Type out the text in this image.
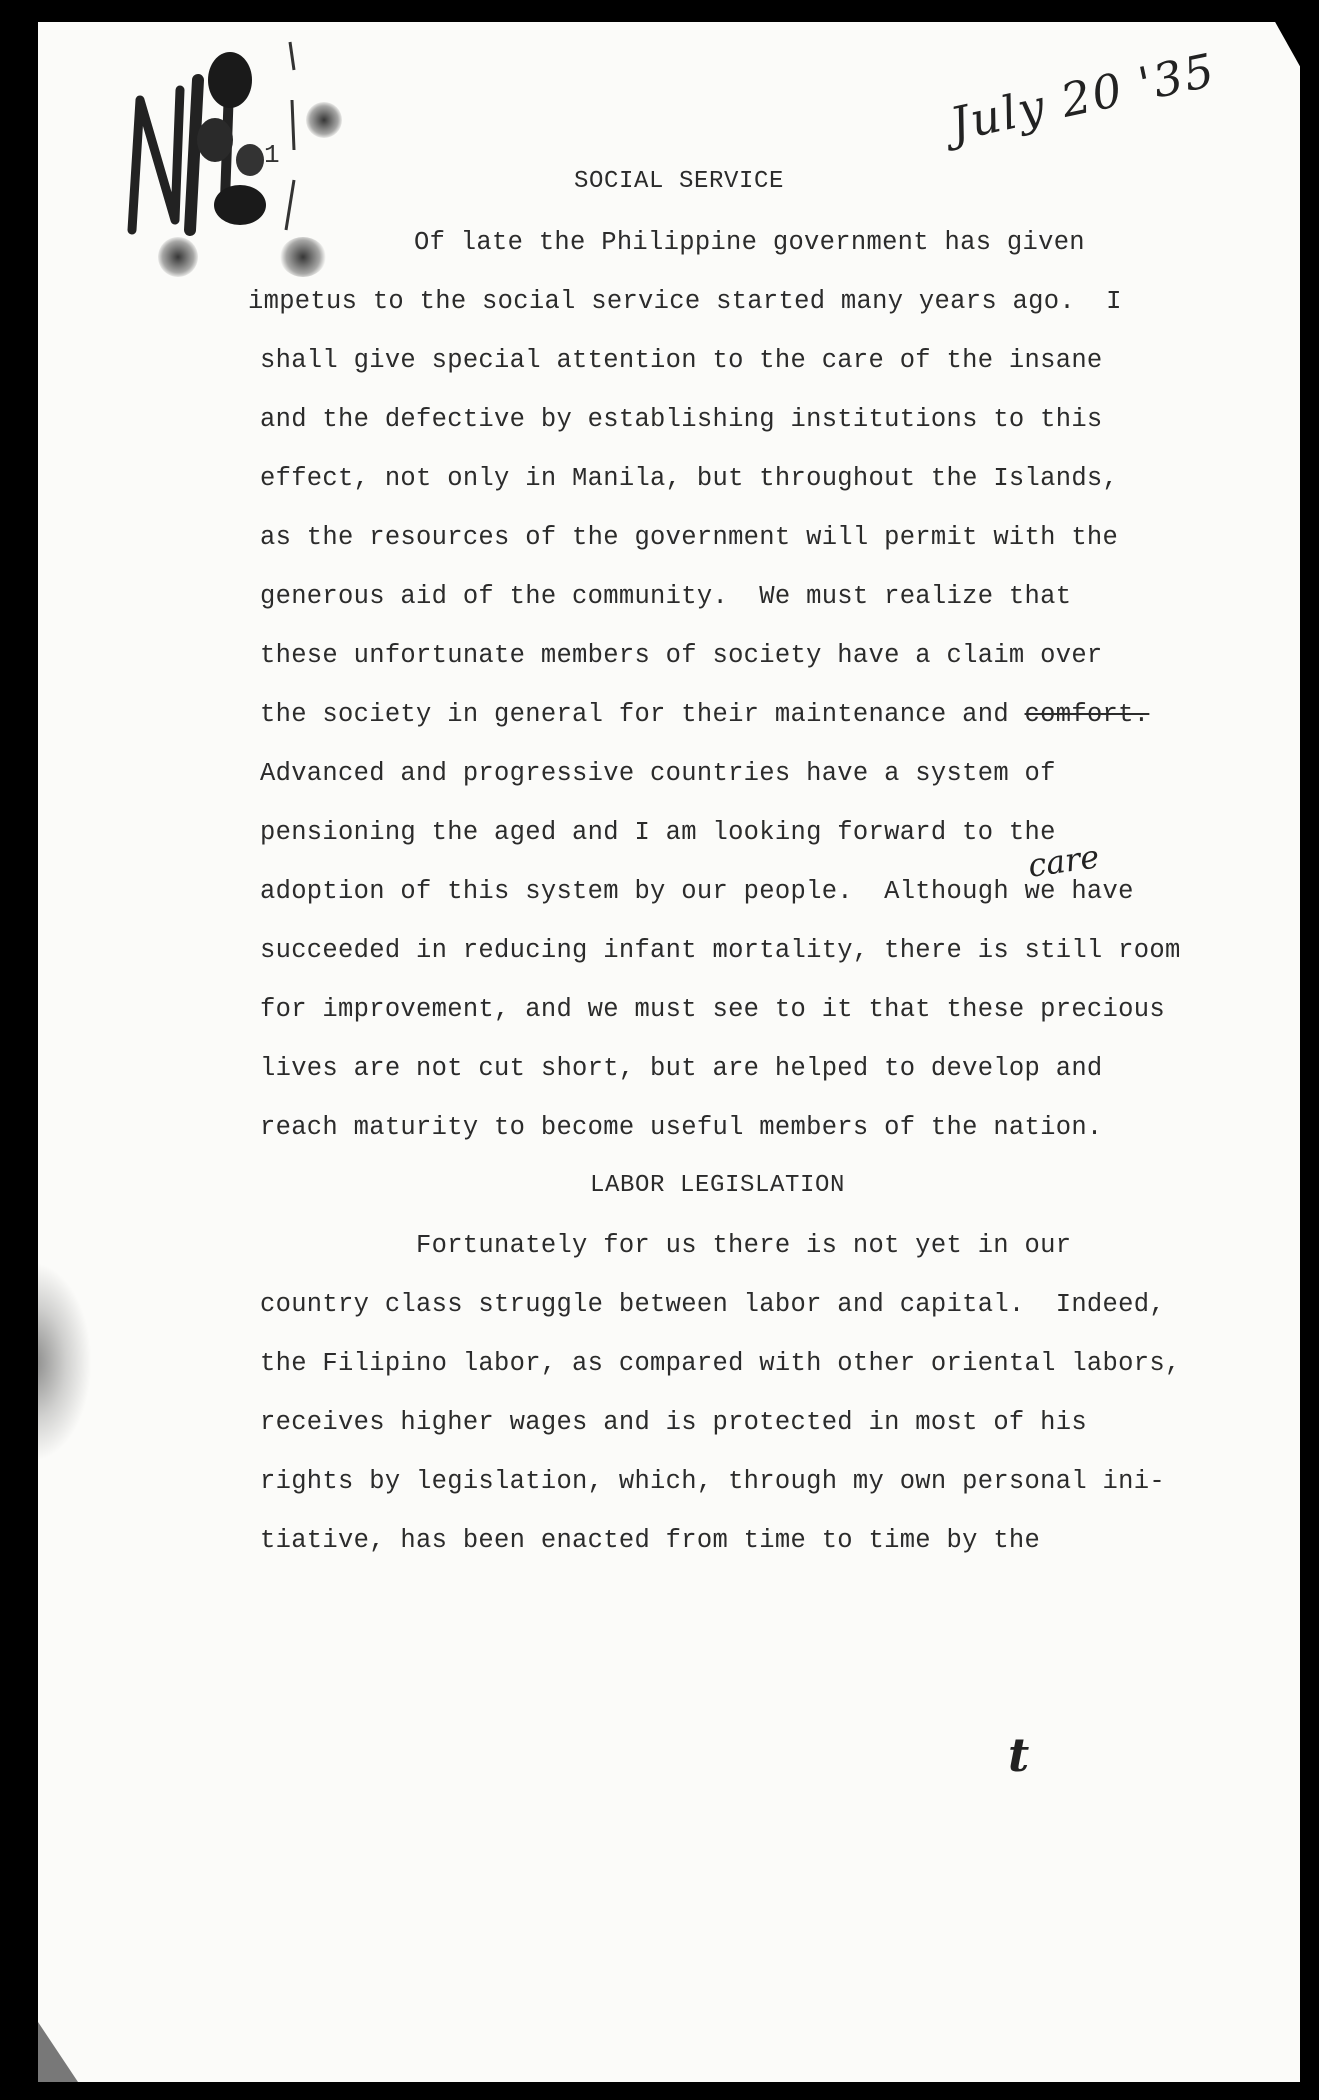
July 20 '35
1
SOCIAL SERVICE
Of late the Philippine government has given
impetus to the social service started many years ago.  I
shall give special attention to the care of the insane
and the defective by establishing institutions to this
effect, not only in Manila, but throughout the Islands,
as the resources of the government will permit with the
generous aid of the community.  We must realize that
these unfortunate members of society have a claim over
the society in general for their maintenance and comfort.
care
Advanced and progressive countries have a system of
pensioning the aged and I am looking forward to the
adoption of this system by our people.  Although we have
succeeded in reducing infant mortality, there is still room
for improvement, and we must see to it that these precious
lives are not cut short, but are helped to develop and
reach maturity to become useful members of the nation.
LABOR LEGISLATION
Fortunately for us there is not yet in our
country class struggle between labor and capital.  Indeed,
the Filipino labor, as compared with other oriental labors,
t
receives higher wages and is protected in most of his
rights by legislation, which, through my own personal ini-
tiative, has been enacted from time to time by the
